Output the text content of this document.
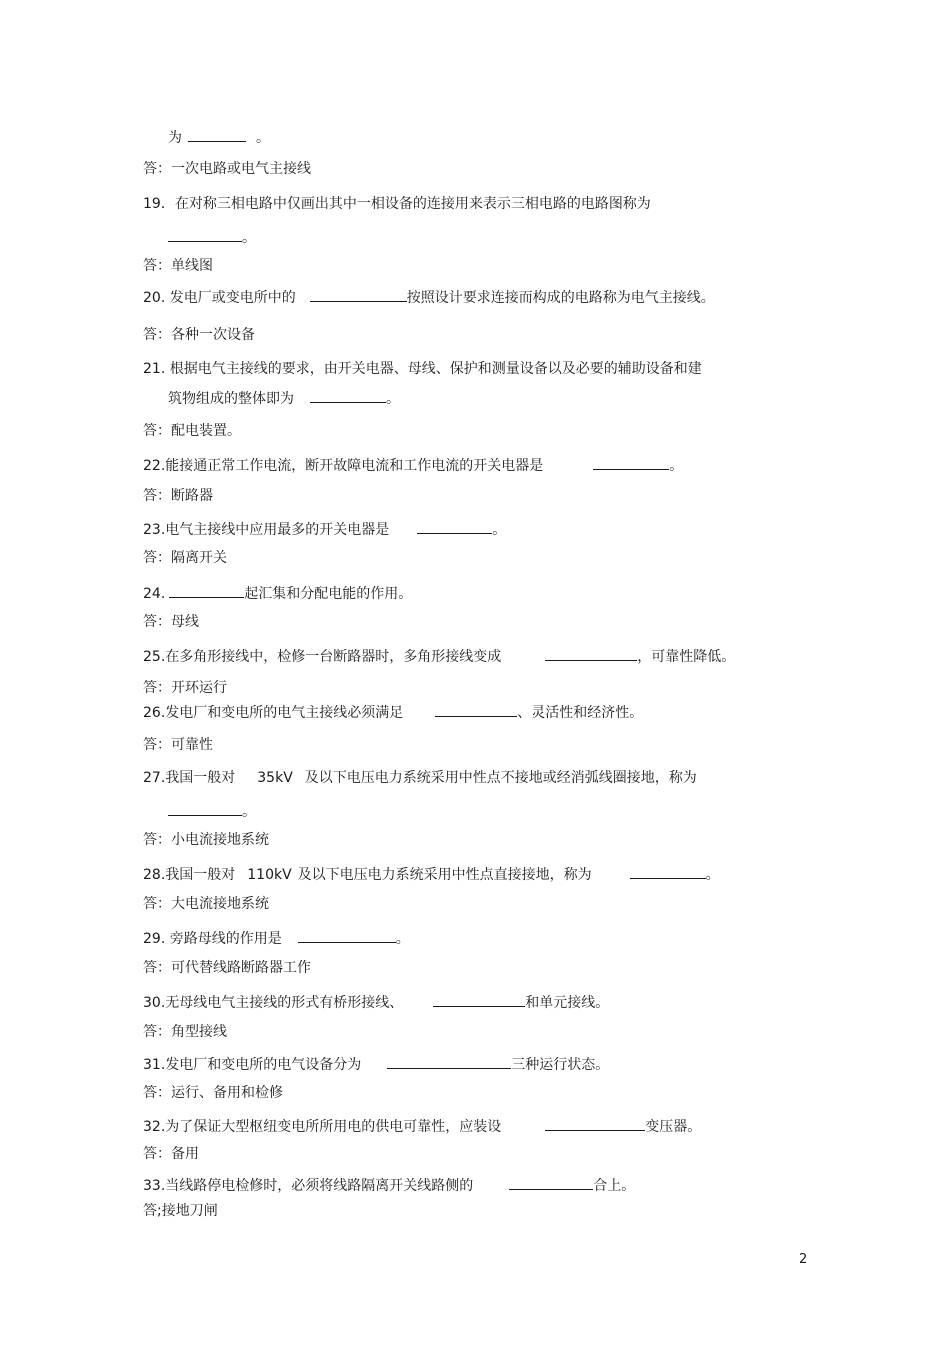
为	。
答：一次电路或电气主接线
19．在对称三相电路中仅画出其中一相设备的连接用来表示三相电路的电路图称为
。
答：单线图
20. 发电厂或变电所中的	按照设计要求连接而构成的电路称为电气主接线。
答：各种一次设备
21. 根据电气主接线的要求，由开关电器、母线、保护和测量设备以及必要的辅助设备和建
筑物组成的整体即为	。
答：配电装置。
22.能接通正常工作电流，断开故障电流和工作电流的开关电器是	。
答：断路器
23.电气主接线中应用最多的开关电器是	。
答：隔离开关
24.	起汇集和分配电能的作用。
答：母线
25.在多角形接线中，检修一台断路器时，多角形接线变成	，可靠性降低。
答：开环运行
26.发电厂和变电所的电气主接线必须满足	、灵活性和经济性。
答：可靠性
27.我国一般对 35kV 及以下电压电力系统采用中性点不接地或经消弧线圈接地，称为
。
答：小电流接地系统
28.我国一般对 110kV 及以下电压电力系统采用中性点直接接地，称为	。
答：大电流接地系统
29. 旁路母线的作用是	。
答：可代替线路断路器工作
30.无母线电气主接线的形式有桥形接线、	和单元接线。
答：角型接线
31.发电厂和变电所的电气设备分为	三种运行状态。
答：运行、备用和检修
32.为了保证大型枢纽变电所所用电的供电可靠性，应装设	变压器。
答：备用
33.当线路停电检修时，必须将线路隔离开关线路侧的	合上。
答;接地刀闸
2
